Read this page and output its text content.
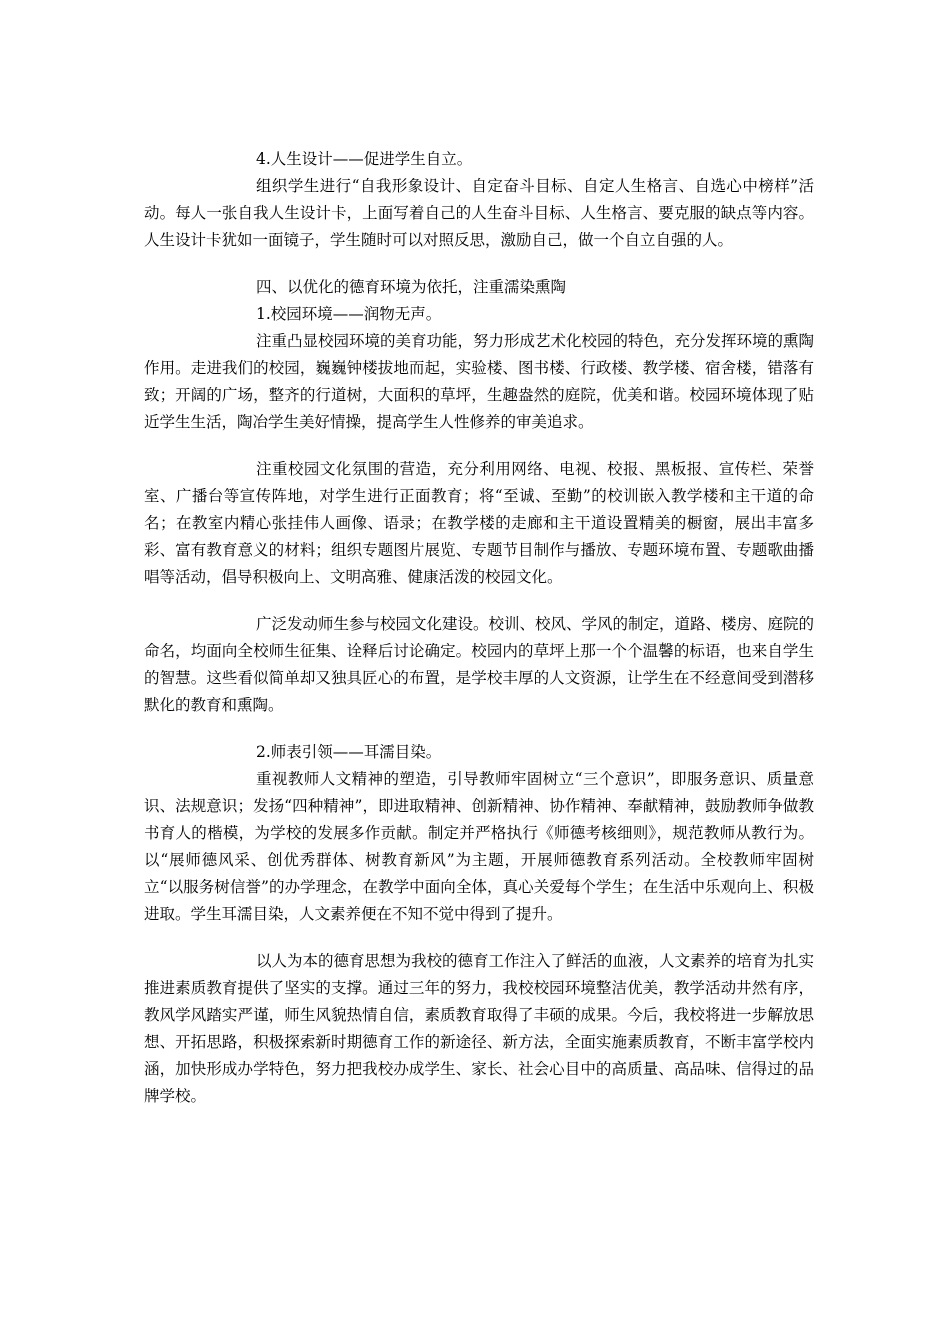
4.人生设计——促进学生自立。

组织学生进行“自我形象设计、自定奋斗目标、自定人生格言、自选心中榜样”活动。每人一张自我人生设计卡，上面写着自己的人生奋斗目标、人生格言、要克服的缺点等内容。人生设计卡犹如一面镜子，学生随时可以对照反思，激励自己，做一个自立自强的人。

四、以优化的德育环境为依托，注重濡染熏陶

1.校园环境——润物无声。

注重凸显校园环境的美育功能，努力形成艺术化校园的特色，充分发挥环境的熏陶作用。走进我们的校园，巍巍钟楼拔地而起，实验楼、图书楼、行政楼、教学楼、宿舍楼，错落有致；开阔的广场，整齐的行道树，大面积的草坪，生趣盎然的庭院，优美和谐。校园环境体现了贴近学生生活，陶冶学生美好情操，提高学生人性修养的审美追求。

注重校园文化氛围的营造，充分利用网络、电视、校报、黑板报、宣传栏、荣誉室、广播台等宣传阵地，对学生进行正面教育；将“至诚、至勤”的校训嵌入教学楼和主干道的命名；在教室内精心张挂伟人画像、语录；在教学楼的走廊和主干道设置精美的橱窗，展出丰富多彩、富有教育意义的材料；组织专题图片展览、专题节目制作与播放、专题环境布置、专题歌曲播唱等活动，倡导积极向上、文明高雅、健康活泼的校园文化。

广泛发动师生参与校园文化建设。校训、校风、学风的制定，道路、楼房、庭院的命名，均面向全校师生征集、诠释后讨论确定。校园内的草坪上那一个个温馨的标语，也来自学生的智慧。这些看似简单却又独具匠心的布置，是学校丰厚的人文资源，让学生在不经意间受到潜移默化的教育和熏陶。

2.师表引领——耳濡目染。

重视教师人文精神的塑造，引导教师牢固树立“三个意识”，即服务意识、质量意识、法规意识；发扬“四种精神”，即进取精神、创新精神、协作精神、奉献精神，鼓励教师争做教书育人的楷模，为学校的发展多作贡献。制定并严格执行《师德考核细则》，规范教师从教行为。以“展师德风采、创优秀群体、树教育新风”为主题，开展师德教育系列活动。全校教师牢固树立“以服务树信誉”的办学理念，在教学中面向全体，真心关爱每个学生；在生活中乐观向上、积极进取。学生耳濡目染，人文素养便在不知不觉中得到了提升。

以人为本的德育思想为我校的德育工作注入了鲜活的血液，人文素养的培育为扎实推进素质教育提供了坚实的支撑。通过三年的努力，我校校园环境整洁优美，教学活动井然有序，教风学风踏实严谨，师生风貌热情自信，素质教育取得了丰硕的成果。今后，我校将进一步解放思想、开拓思路，积极探索新时期德育工作的新途径、新方法，全面实施素质教育，不断丰富学校内涵，加快形成办学特色，努力把我校办成学生、家长、社会心目中的高质量、高品味、信得过的品牌学校。
